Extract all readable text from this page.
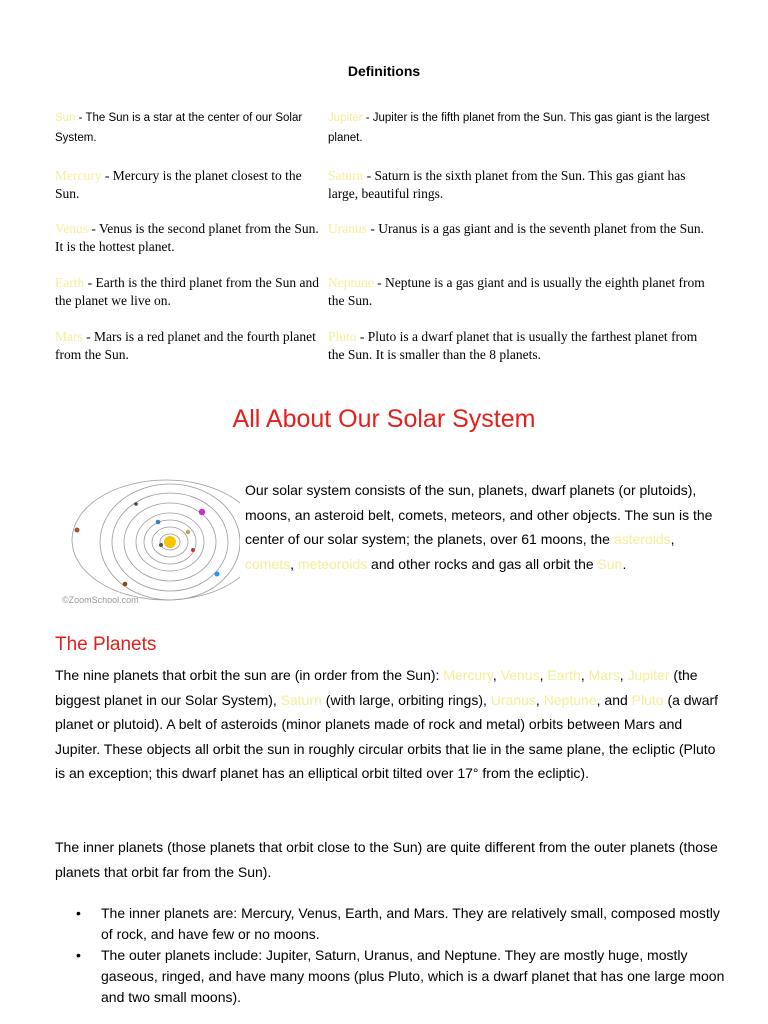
Definitions
Sun - The Sun is a star at the center of our Solar System.
Mercury - Mercury is the planet closest to the Sun.
Venus - Venus is the second planet from the Sun. It is the hottest planet.
Earth - Earth is the third planet from the Sun and the planet we live on.
Mars - Mars is a red planet and the fourth planet from the Sun.
Jupiter - Jupiter is the fifth planet from the Sun. This gas giant is the largest planet.
Saturn - Saturn is the sixth planet from the Sun. This gas giant has large, beautiful rings.
Uranus - Uranus is a gas giant and is the seventh planet from the Sun.
Neptune - Neptune is a gas giant and is usually the eighth planet from the Sun.
Pluto - Pluto is a dwarf planet that is usually the farthest planet from the Sun. It is smaller than the 8 planets.
All About Our Solar System
©ZoomSchool.com
Our solar system consists of the sun, planets, dwarf planets (or plutoids), moons, an asteroid belt, comets, meteors, and other objects. The sun is the center of our solar system; the planets, over 61 moons, the asteroids, comets, meteoroids and other rocks and gas all orbit the Sun.
The Planets
The nine planets that orbit the sun are (in order from the Sun): Mercury, Venus, Earth, Mars, Jupiter (the biggest planet in our Solar System), Saturn (with large, orbiting rings), Uranus, Neptune, and Pluto (a dwarf planet or plutoid). A belt of asteroids (minor planets made of rock and metal) orbits between Mars and Jupiter. These objects all orbit the sun in roughly circular orbits that lie in the same plane, the ecliptic (Pluto is an exception; this dwarf planet has an elliptical orbit tilted over 17° from the ecliptic).
The inner planets (those planets that orbit close to the Sun) are quite different from the outer planets (those planets that orbit far from the Sun).
• The inner planets are: Mercury, Venus, Earth, and Mars. They are relatively small, composed mostly of rock, and have few or no moons.
• The outer planets include: Jupiter, Saturn, Uranus, and Neptune. They are mostly huge, mostly gaseous, ringed, and have many moons (plus Pluto, which is a dwarf planet that has one large moon and two small moons).
